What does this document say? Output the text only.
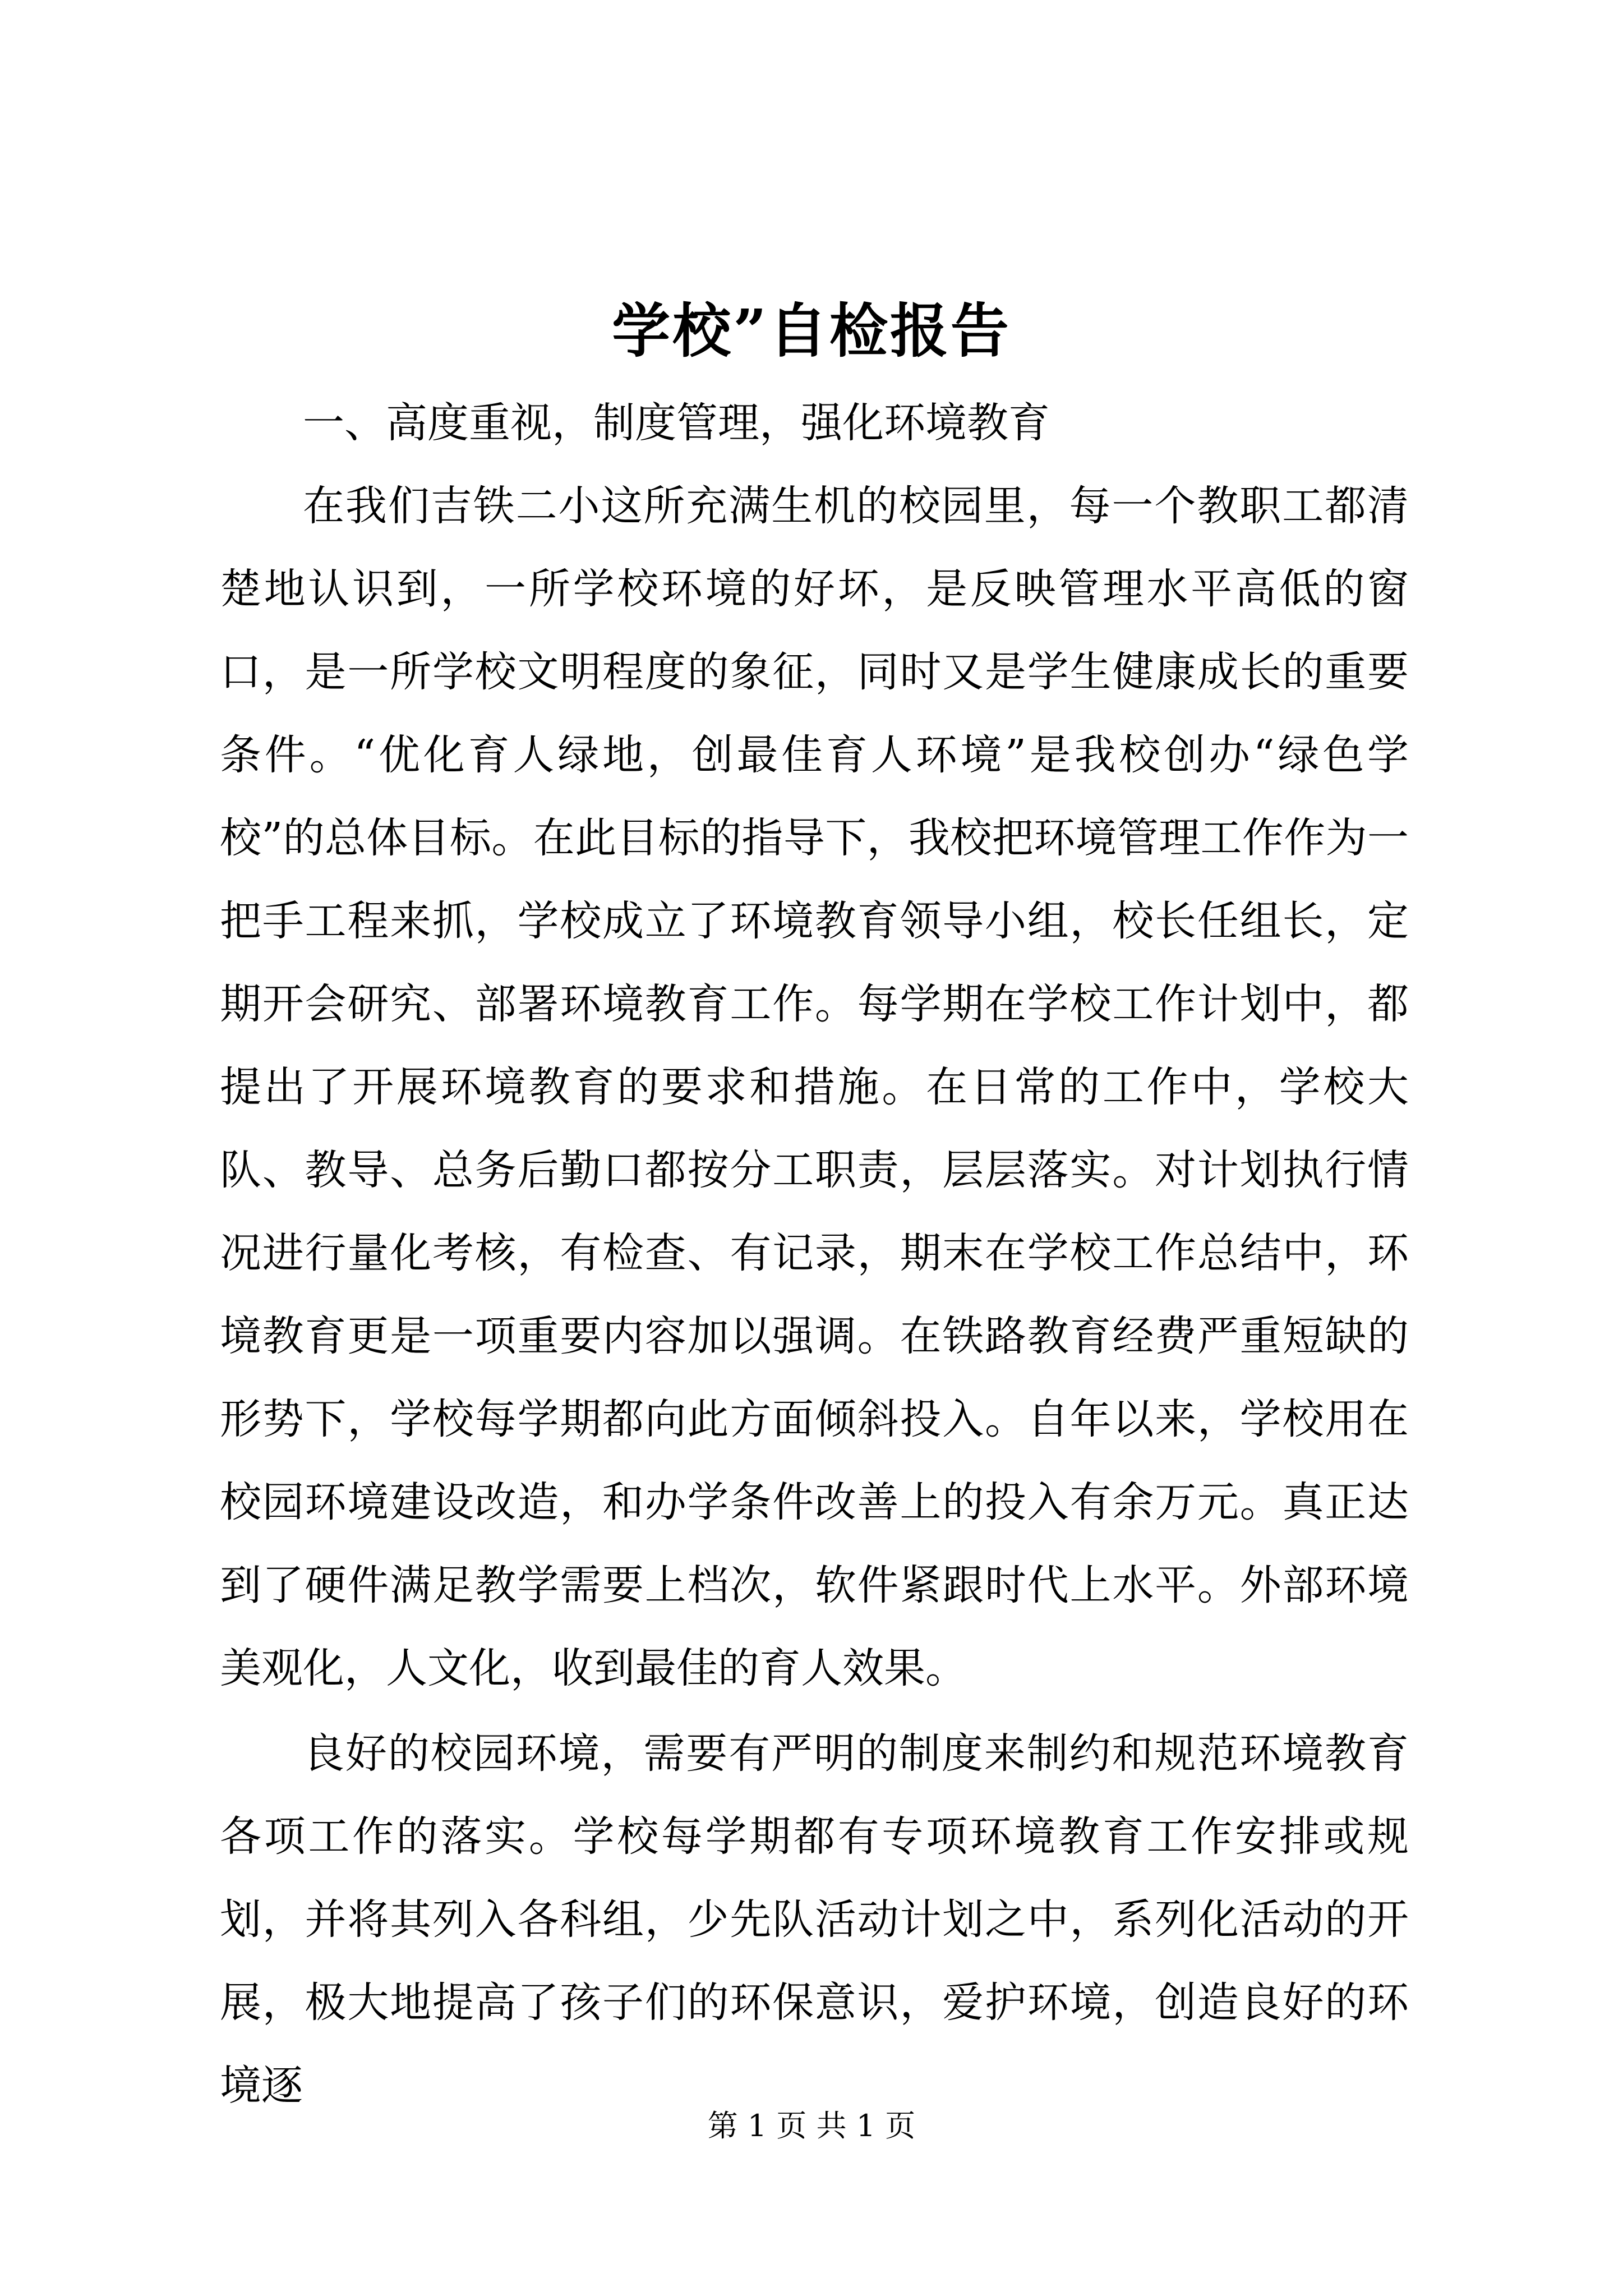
学校”自检报告
一、高度重视，制度管理，强化环境教育
在我们吉铁二小这所充满生机的校园里，每一个教职工都清楚地认识到，一所学校环境的好坏，是反映管理水平高低的窗口，是一所学校文明程度的象征，同时又是学生健康成长的重要条件。“优化育人绿地，创最佳育人环境”是我校创办“绿色学校”的总体目标。在此目标的指导下，我校把环境管理工作作为一把手工程来抓，学校成立了环境教育领导小组，校长任组长，定期开会研究、部署环境教育工作。每学期在学校工作计划中，都提出了开展环境教育的要求和措施。在日常的工作中，学校大队、教导、总务后勤口都按分工职责，层层落实。对计划执行情况进行量化考核，有检查、有记录，期末在学校工作总结中，环境教育更是一项重要内容加以强调。在铁路教育经费严重短缺的形势下，学校每学期都向此方面倾斜投入。自年以来，学校用在校园环境建设改造，和办学条件改善上的投入有余万元。真正达到了硬件满足教学需要上档次，软件紧跟时代上水平。外部环境美观化，人文化，收到最佳的育人效果。
良好的校园环境，需要有严明的制度来制约和规范环境教育各项工作的落实。学校每学期都有专项环境教育工作安排或规划，并将其列入各科组，少先队活动计划之中，系列化活动的开展，极大地提高了孩子们的环保意识，爱护环境，创造良好的环境逐
第 1 页 共 1 页
